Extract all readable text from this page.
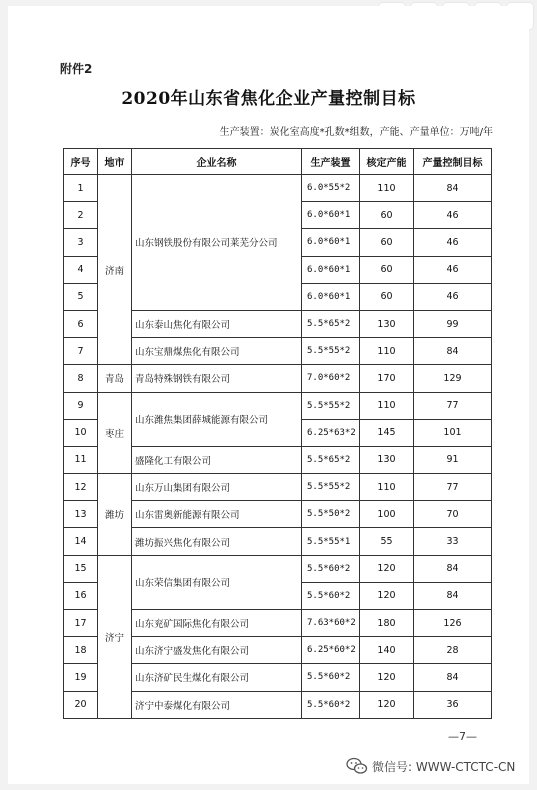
附件2
2020年山东省焦化企业产量控制目标
生产装置：炭化室高度*孔数*组数，产能、产量单位：万吨/年
序号	地市	企业名称	生产装置	核定产能	产量控制目标
1	济南	山东钢铁股份有限公司莱芜分公司	6.0*55*2	110	84
2			6.0*60*1	60	46
3			6.0*60*1	60	46
4			6.0*60*1	60	46
5			6.0*60*1	60	46
6		山东泰山焦化有限公司	5.5*65*2	130	99
7		山东宝鼎煤焦化有限公司	5.5*55*2	110	84
8	青岛	青岛特殊钢铁有限公司	7.0*60*2	170	129
9	枣庄	山东潍焦集团薛城能源有限公司	5.5*55*2	110	77
10			6.25*63*2	145	101
11		盛隆化工有限公司	5.5*65*2	130	91
12	潍坊	山东万山集团有限公司	5.5*55*2	110	77
13		山东雷奥新能源有限公司	5.5*50*2	100	70
14		潍坊振兴焦化有限公司	5.5*55*1	55	33
15	济宁	山东荣信集团有限公司	5.5*60*2	120	84
16			5.5*60*2	120	84
17		山东兖矿国际焦化有限公司	7.63*60*2	180	126
18		山东济宁盛发焦化有限公司	6.25*60*2	140	28
19		山东济矿民生煤化有限公司	5.5*60*2	120	84
20		济宁中泰煤化有限公司	5.5*60*2	120	36
—7—
微信号: WWW-CTCTC-CN
